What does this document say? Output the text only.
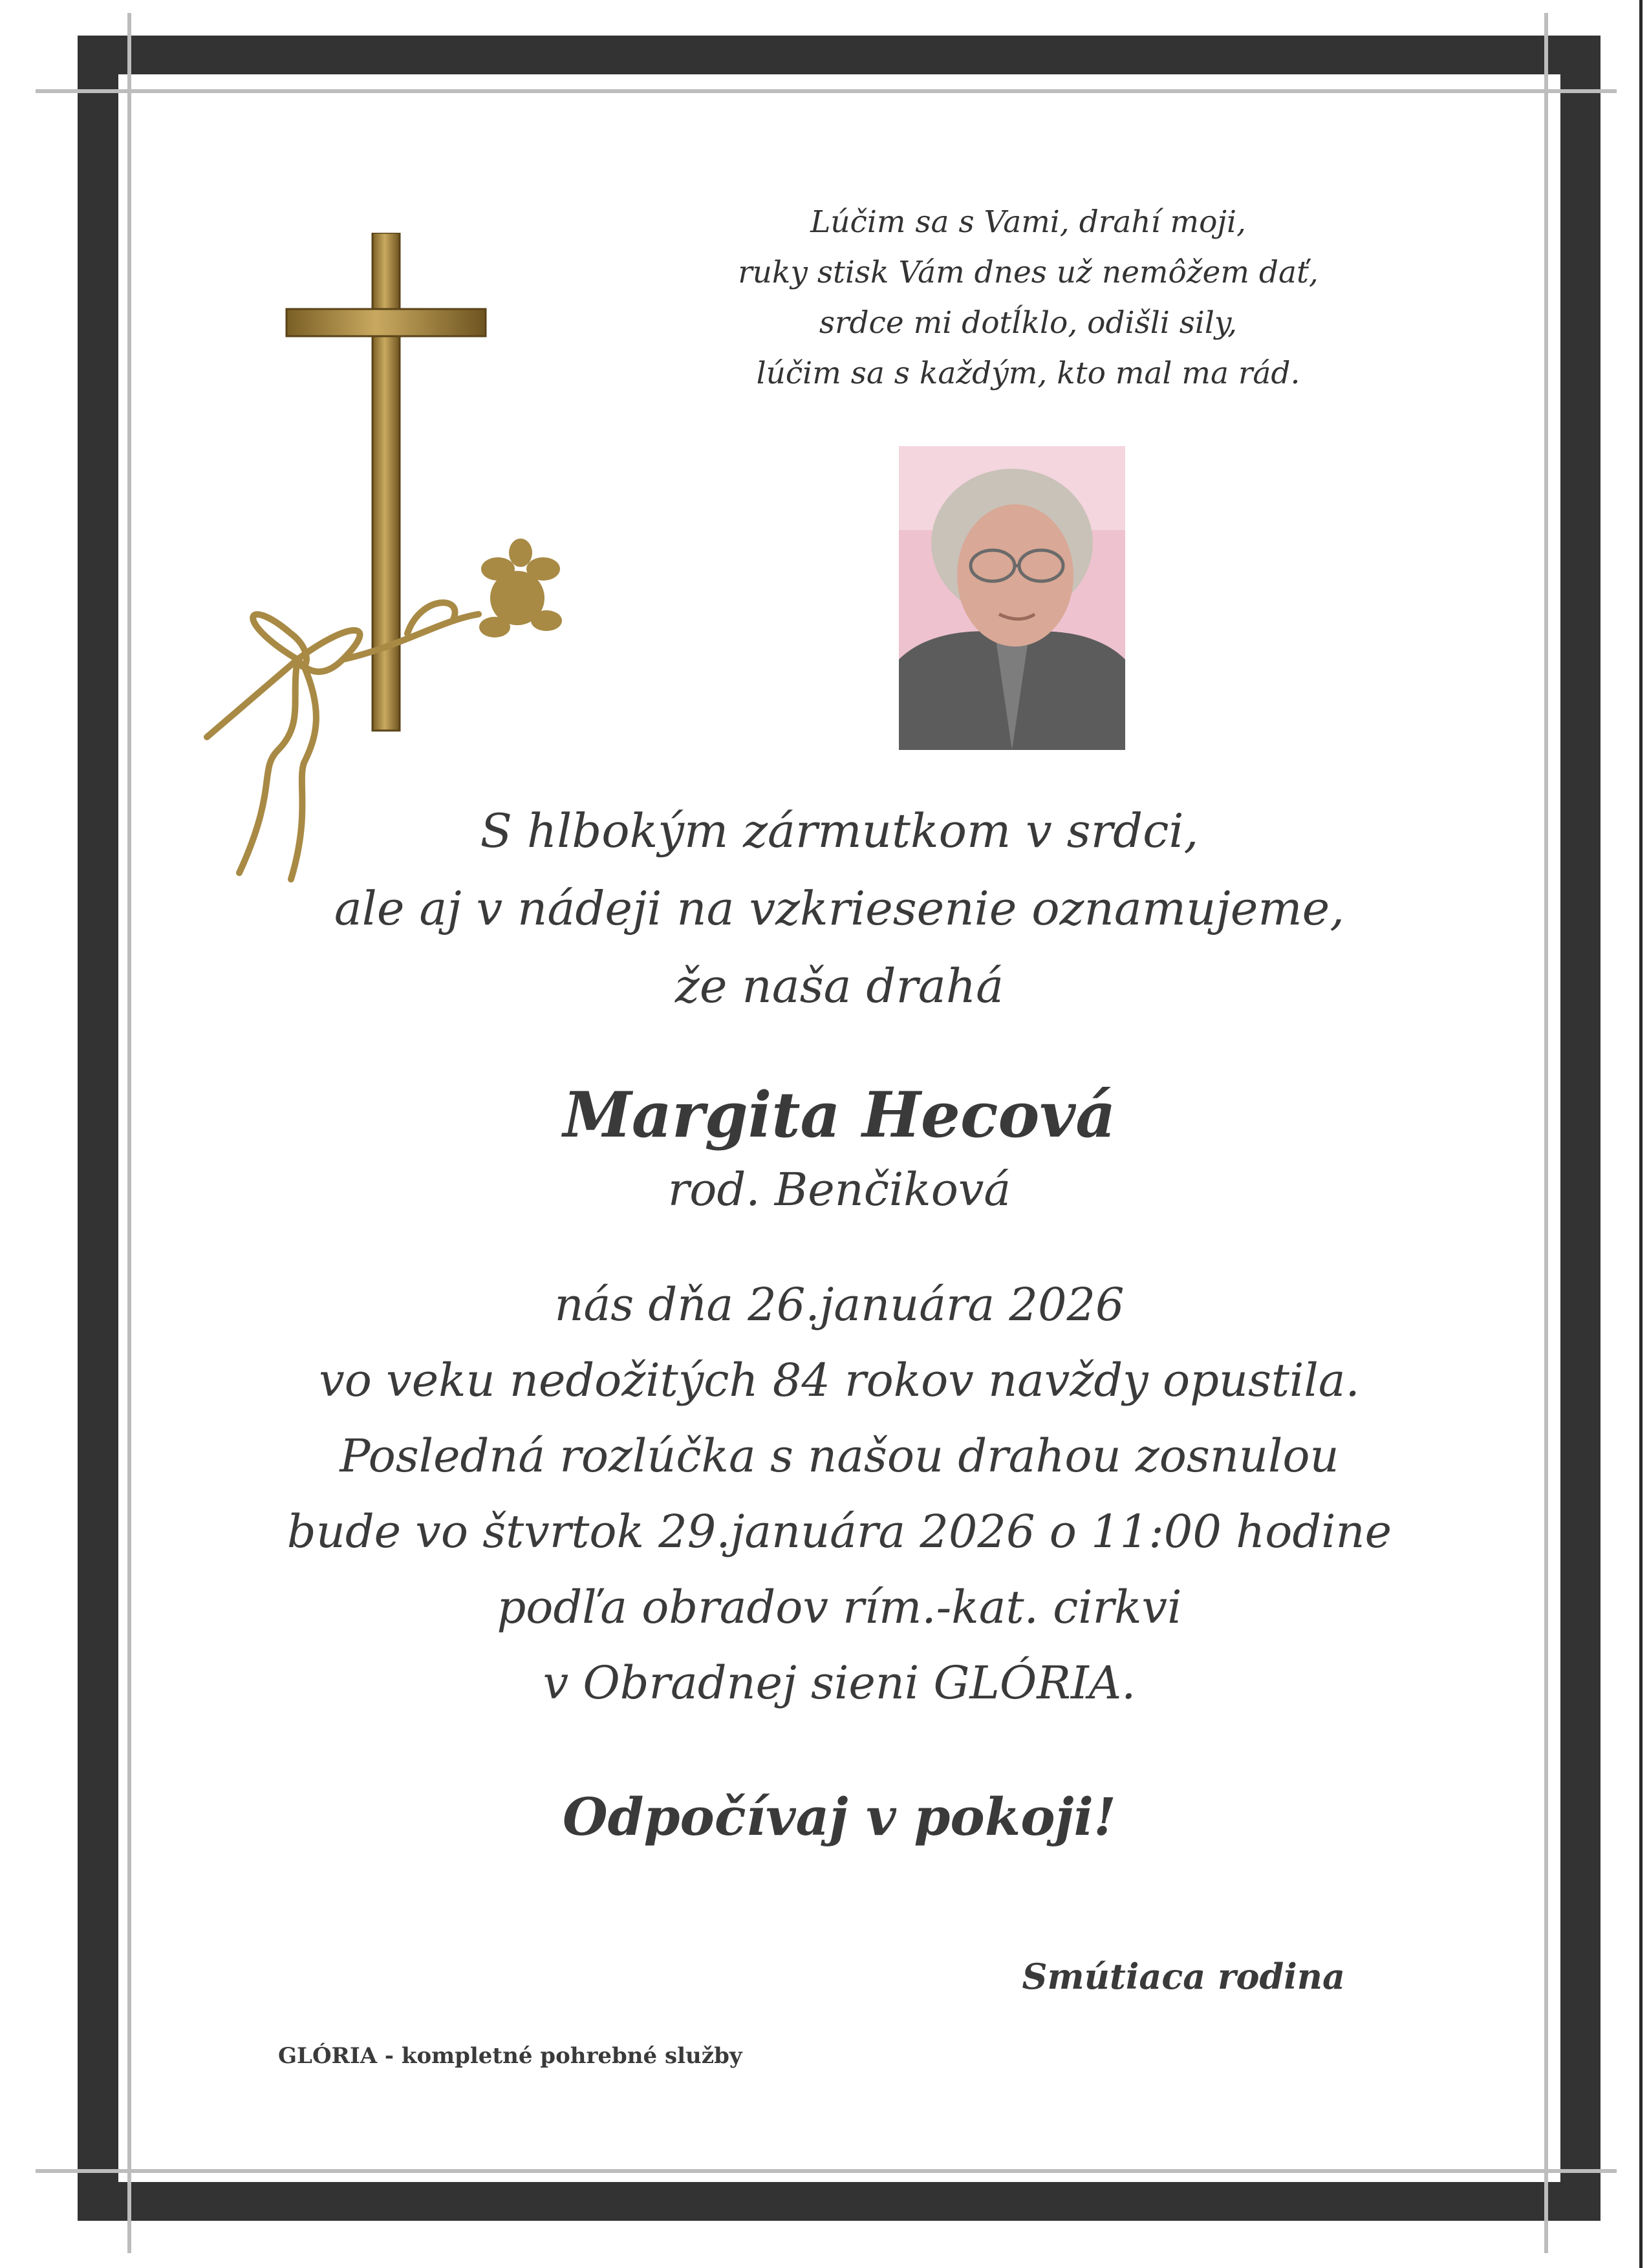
Lúčim sa s Vami, drahí moji,
ruky stisk Vám dnes už nemôžem dať,
srdce mi dotĺklo, odišli sily,
lúčim sa s každým, kto mal ma rád.
S hlbokým zármutkom v srdci,
ale aj v nádeji na vzkriesenie oznamujeme,
že naša drahá
Margita Hecová
rod. Benčiková
nás dňa 26.januára 2026
vo veku nedožitých 84 rokov navždy opustila.
Posledná rozlúčka s našou drahou zosnulou
bude vo štvrtok 29.januára 2026 o 11:00 hodine
podľa obradov rím.-kat. cirkvi
v Obradnej sieni GLÓRIA.
Odpočívaj v pokoji!
Smútiaca rodina
GLÓRIA - kompletné pohrebné služby
